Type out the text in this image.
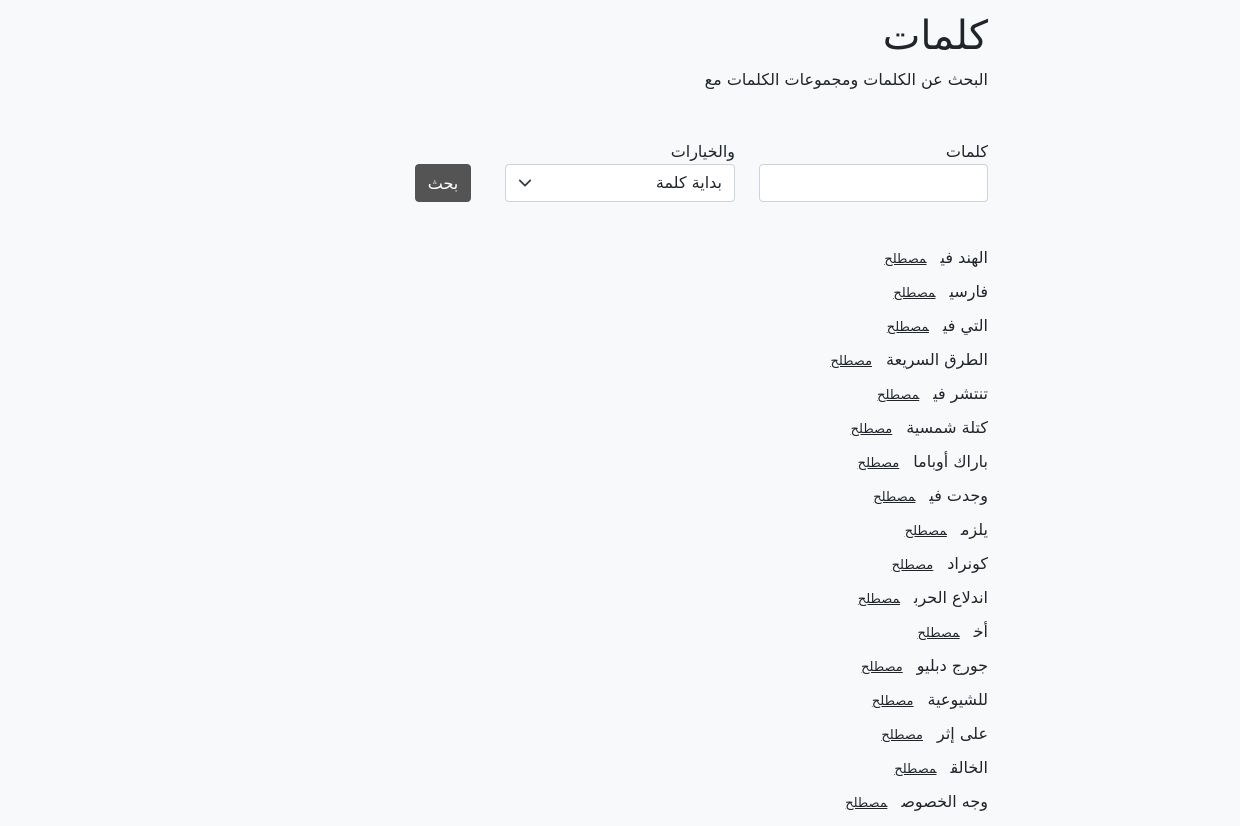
كلمات

البحث عن الكلمات ومجموعات الكلمات مع

كلمات
والخيارات
بداية كلمة
بحث
الهند فيمصطلح
فارسيمصطلح
التي فيمصطلح
الطرق السريعةمصطلح
تنتشر فيمصطلح
كتلة شمسيةمصطلح
باراك أوبامامصطلح
وجدت فيمصطلح
يلزممصطلح
كونرادمصطلح
اندلاع الحربمصطلح
أخمصطلح
جورج دبليومصطلح
للشيوعيةمصطلح
على إثرمصطلح
الخالقمصطلح
وجه الخصوصمصطلح
